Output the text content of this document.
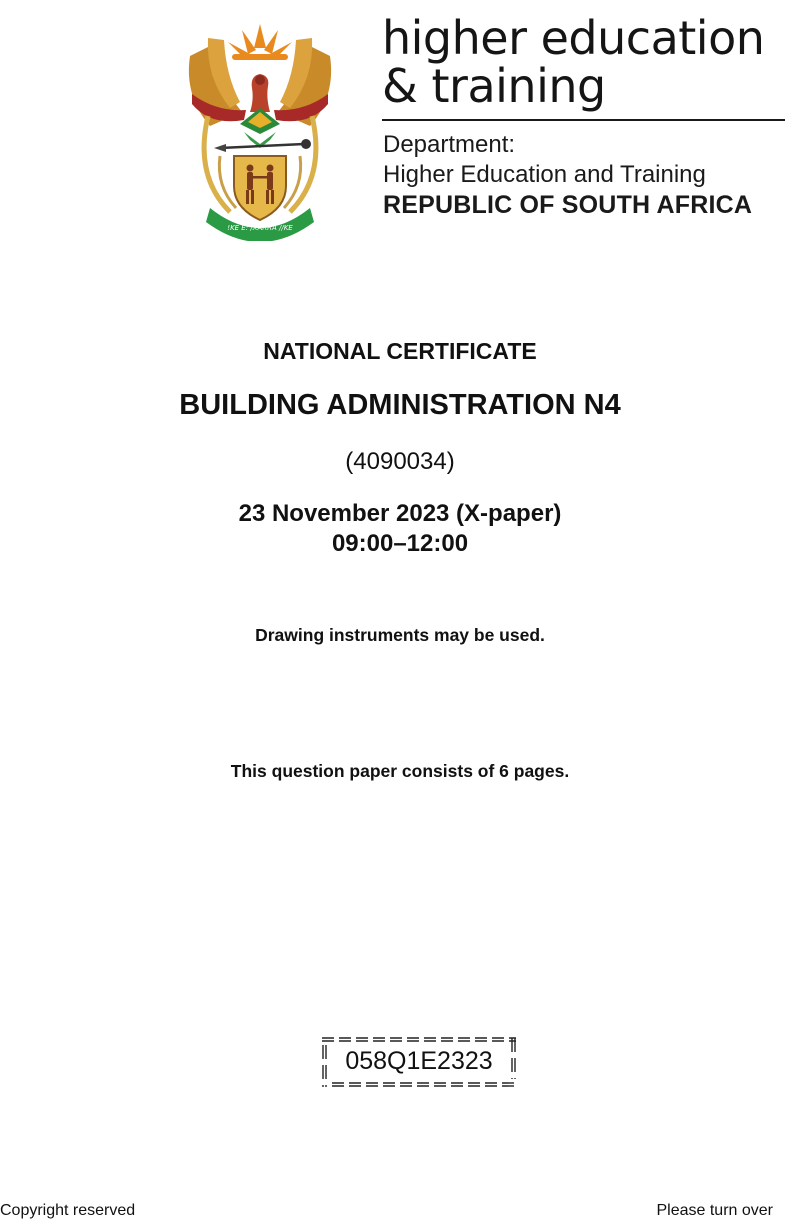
!KE E: /XARRA //KE
higher education
& training
Department:
Higher Education and Training
REPUBLIC OF SOUTH AFRICA
NATIONAL CERTIFICATE
BUILDING ADMINISTRATION N4
(4090034)
23 November 2023 (X-paper)
09:00–12:00
Drawing instruments may be used.
This question paper consists of 6 pages.
058Q1E2323
Copyright reserved	Please turn over
